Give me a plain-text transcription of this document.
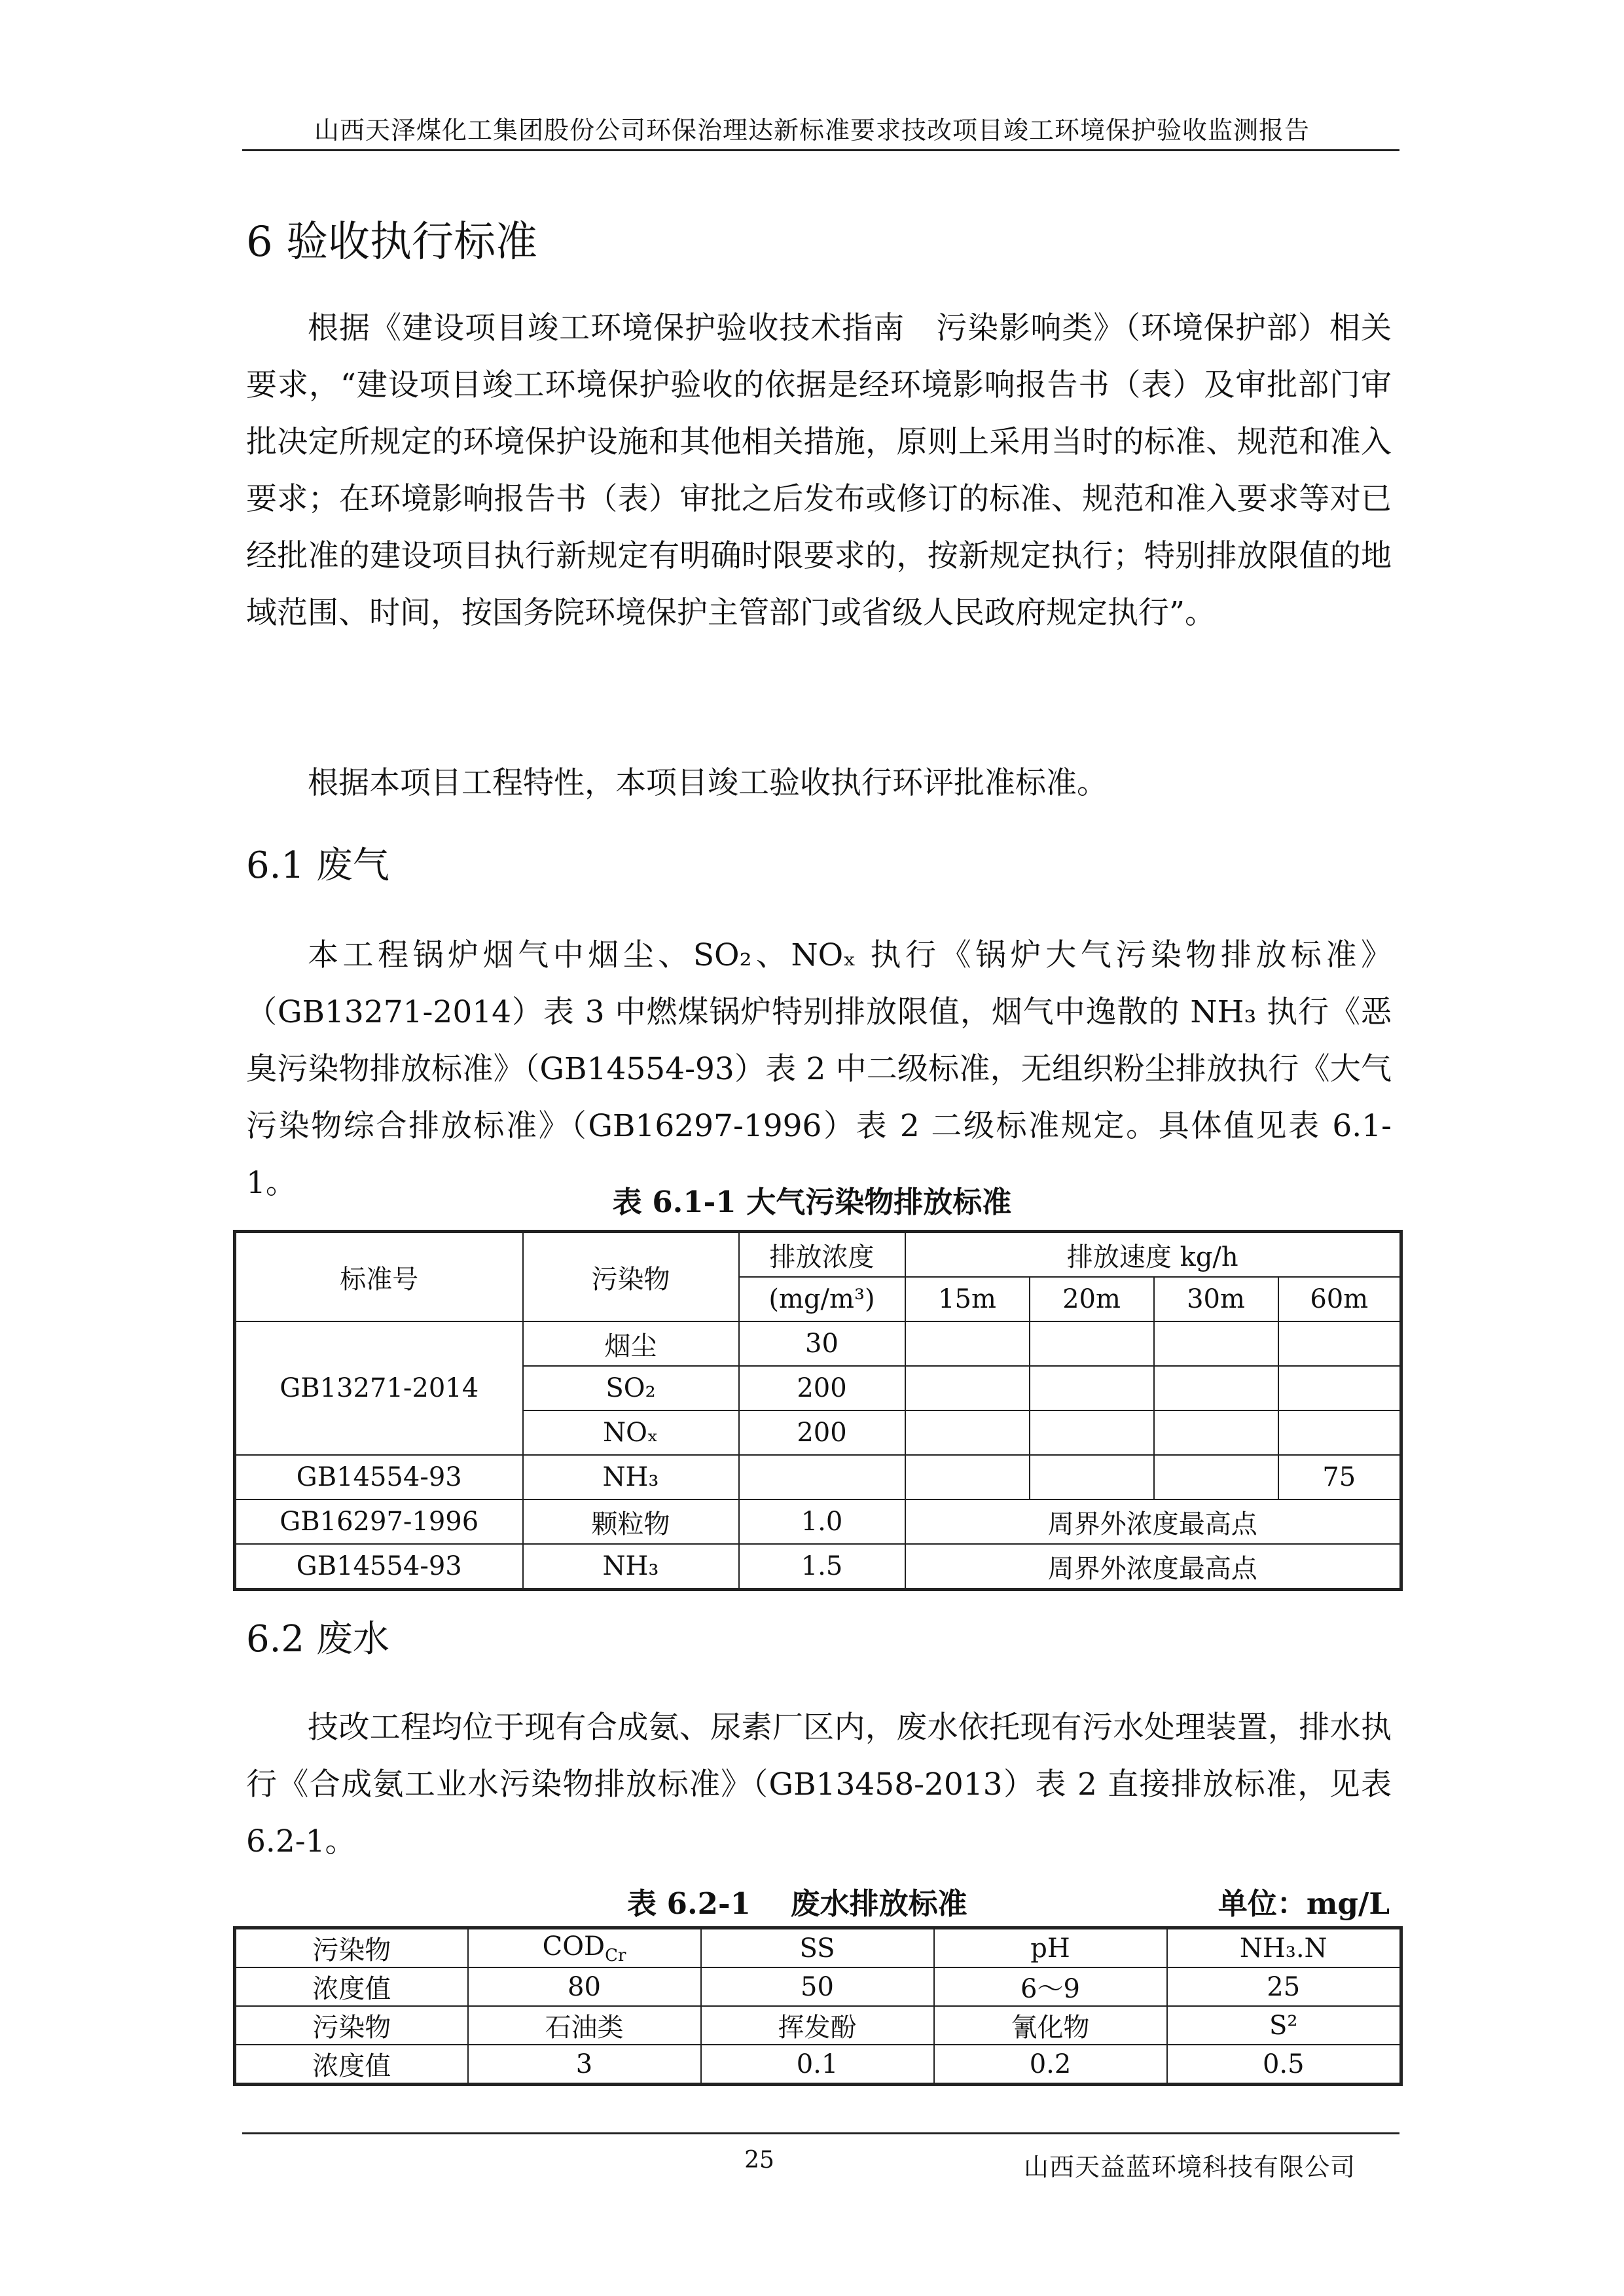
山西天泽煤化工集团股份公司环保治理达新标准要求技改项目竣工环境保护验收监测报告
6 验收执行标准

根据《建设项目竣工环境保护验收技术指南　污染影响类》（环境保护部）相关要求，“建设项目竣工环境保护验收的依据是经环境影响报告书（表）及审批部门审批决定所规定的环境保护设施和其他相关措施，原则上采用当时的标准、规范和准入要求；在环境影响报告书（表）审批之后发布或修订的标准、规范和准入要求等对已经批准的建设项目执行新规定有明确时限要求的，按新规定执行；特别排放限值的地域范围、时间，按国务院环境保护主管部门或省级人民政府规定执行”。

根据本项目工程特性，本项目竣工验收执行环评批准标准。

6.1 废气

本工程锅炉烟气中烟尘、SO₂、NOₓ 执行《锅炉大气污染物排放标准》（GB13271-2014）表 3 中燃煤锅炉特别排放限值，烟气中逸散的 NH₃ 执行《恶臭污染物排放标准》（GB14554-93）表 2 中二级标准，无组织粉尘排放执行《大气污染物综合排放标准》（GB16297-1996）表 2 二级标准规定。具体值见表 6.1-1。

表 6.1-1 大气污染物排放标准
标准号	污染物	排放浓度	排放速度 kg/h			
		(mg/m³)	15m	20m	30m	60m
GB13271-2014	烟尘	30				
	SO₂	200				
	NOₓ	200				
GB14554-93	NH₃					75
GB16297-1996	颗粒物	1.0	周界外浓度最高点			
GB14554-93	NH₃	1.5	周界外浓度最高点			
6.2 废水

技改工程均位于现有合成氨、尿素厂区内，废水依托现有污水处理装置，排水执行《合成氨工业水污染物排放标准》（GB13458-2013）表 2 直接排放标准，见表 6.2-1。

表 6.2-1　 废水排放标准	单位：mg/L
污染物	$COD_{Cr}$	SS	pH	NH₃.N
浓度值	80	50	6～9	25
污染物	石油类	挥发酚	氰化物	S²
浓度值	3	0.1	0.2	0.5
25	山西天益蓝环境科技有限公司
